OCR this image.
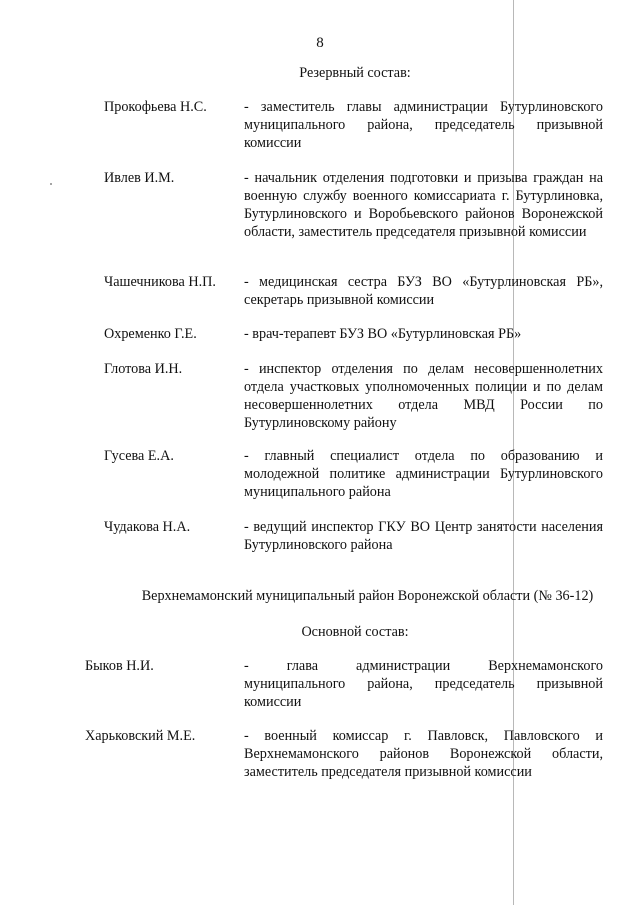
8
Резервный состав:
Прокофьева Н.С.	- заместитель главы администрации Бутурлиновского муниципального района, председатель призывной комиссии
Ивлев И.М.	- начальник отделения подготовки и призыва граждан на военную службу военного комиссариата г. Бутурлиновка, Бутурлиновского и Воробьевского районов Воронежской области, заместитель председателя призывной комиссии
Чашечникова Н.П. - медицинская сестра БУЗ ВО «Бутурлиновская РБ», секретарь призывной комиссии
Охременко Г.Е.	- врач-терапевт БУЗ ВО «Бутурлиновская РБ»
Глотова И.Н.	- инспектор отделения по делам несовершеннолетних отдела участковых уполномоченных полиции и по делам несовершеннолетних отдела МВД России по Бутурлиновскому району
Гусева Е.А.	- главный специалист отдела по образованию и молодежной политике администрации Бутурлиновского муниципального района
Чудакова Н.А.	- ведущий инспектор ГКУ ВО Центр занятости населения Бутурлиновского района
Верхнемамонский муниципальный район Воронежской области (№ 36-12)
Основной состав:
Быков Н.И.	- глава администрации Верхнемамонского муниципального района, председатель призывной комиссии
Харьковский М.Е.	- военный комиссар г. Павловск, Павловского и Верхнемамонского районов Воронежской области, заместитель председателя призывной комиссии
